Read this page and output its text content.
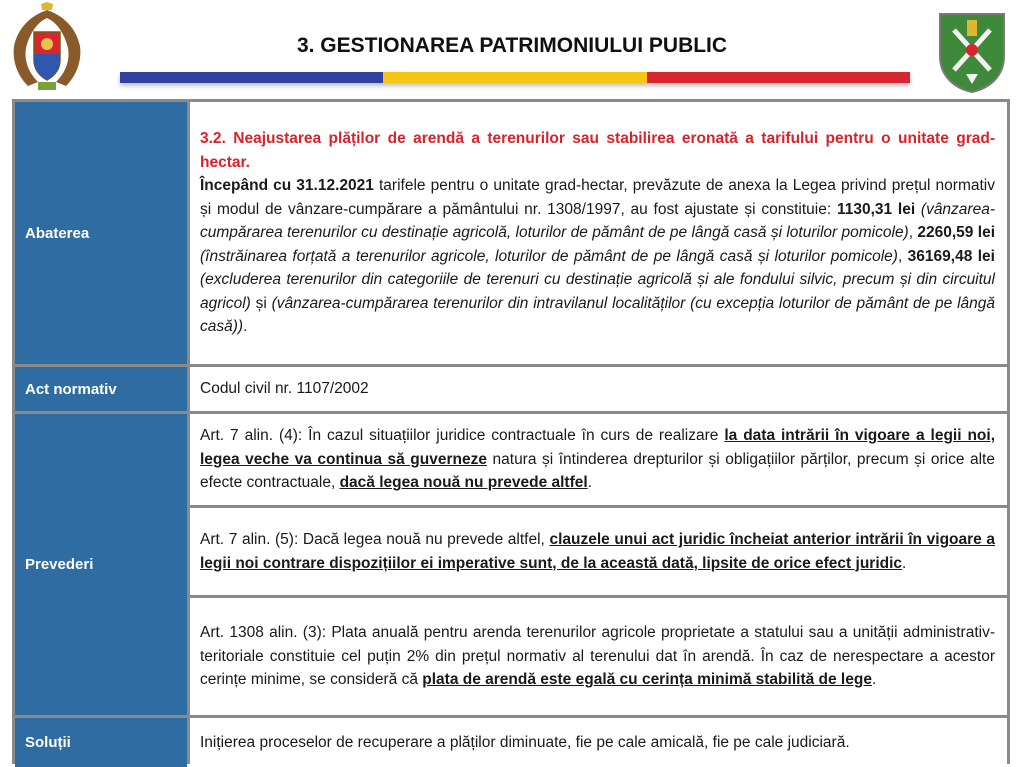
3. GESTIONAREA PATRIMONIULUI PUBLIC
Abaterea

3.2. Neajustarea plăților de arendă a terenurilor sau stabilirea eronată a tarifului pentru o unitate grad-hectar.

Începând cu 31.12.2021 tarifele pentru o unitate grad-hectar, prevăzute de anexa la Legea privind prețul normativ și modul de vânzare-cumpărare a pământului nr. 1308/1997, au fost ajustate și constituie: 1130,31 lei (vânzarea-cumpărarea terenurilor cu destinație agricolă, loturilor de pământ de pe lângă casă și loturilor pomicole), 2260,59 lei (înstrăinarea forțată a terenurilor agricole, loturilor de pământ de pe lângă casă și loturilor pomicole), 36169,48 lei (excluderea terenurilor din categoriile de terenuri cu destinație agricolă și ale fondului silvic, precum și din circuitul agricol) și (vânzarea-cumpărarea terenurilor din intravilanul localităților (cu excepția loturilor de pământ de pe lângă casă)).

Act normativ	Codul civil nr. 1107/2002

Prevederi

Art. 7 alin. (4): În cazul situațiilor juridice contractuale în curs de realizare la data intrării în vigoare a legii noi, legea veche va continua să guverneze natura și întinderea drepturilor și obligațiilor părților, precum și orice alte efecte contractuale, dacă legea nouă nu prevede altfel.

Art. 7 alin. (5): Dacă legea nouă nu prevede altfel, clauzele unui act juridic încheiat anterior intrării în vigoare a legii noi contrare dispozițiilor ei imperative sunt, de la această dată, lipsite de orice efect juridic.

Art. 1308 alin. (3): Plata anuală pentru arenda terenurilor agricole proprietate a statului sau a unității administrativ-teritoriale constituie cel puțin 2% din prețul normativ al terenului dat în arendă. În caz de nerespectare a acestor cerințe minime, se consideră că plata de arendă este egală cu cerința minimă stabilită de lege.

Soluții	Inițierea proceselor de recuperare a plăților diminuate, fie pe cale amicală, fie pe cale judiciară.
